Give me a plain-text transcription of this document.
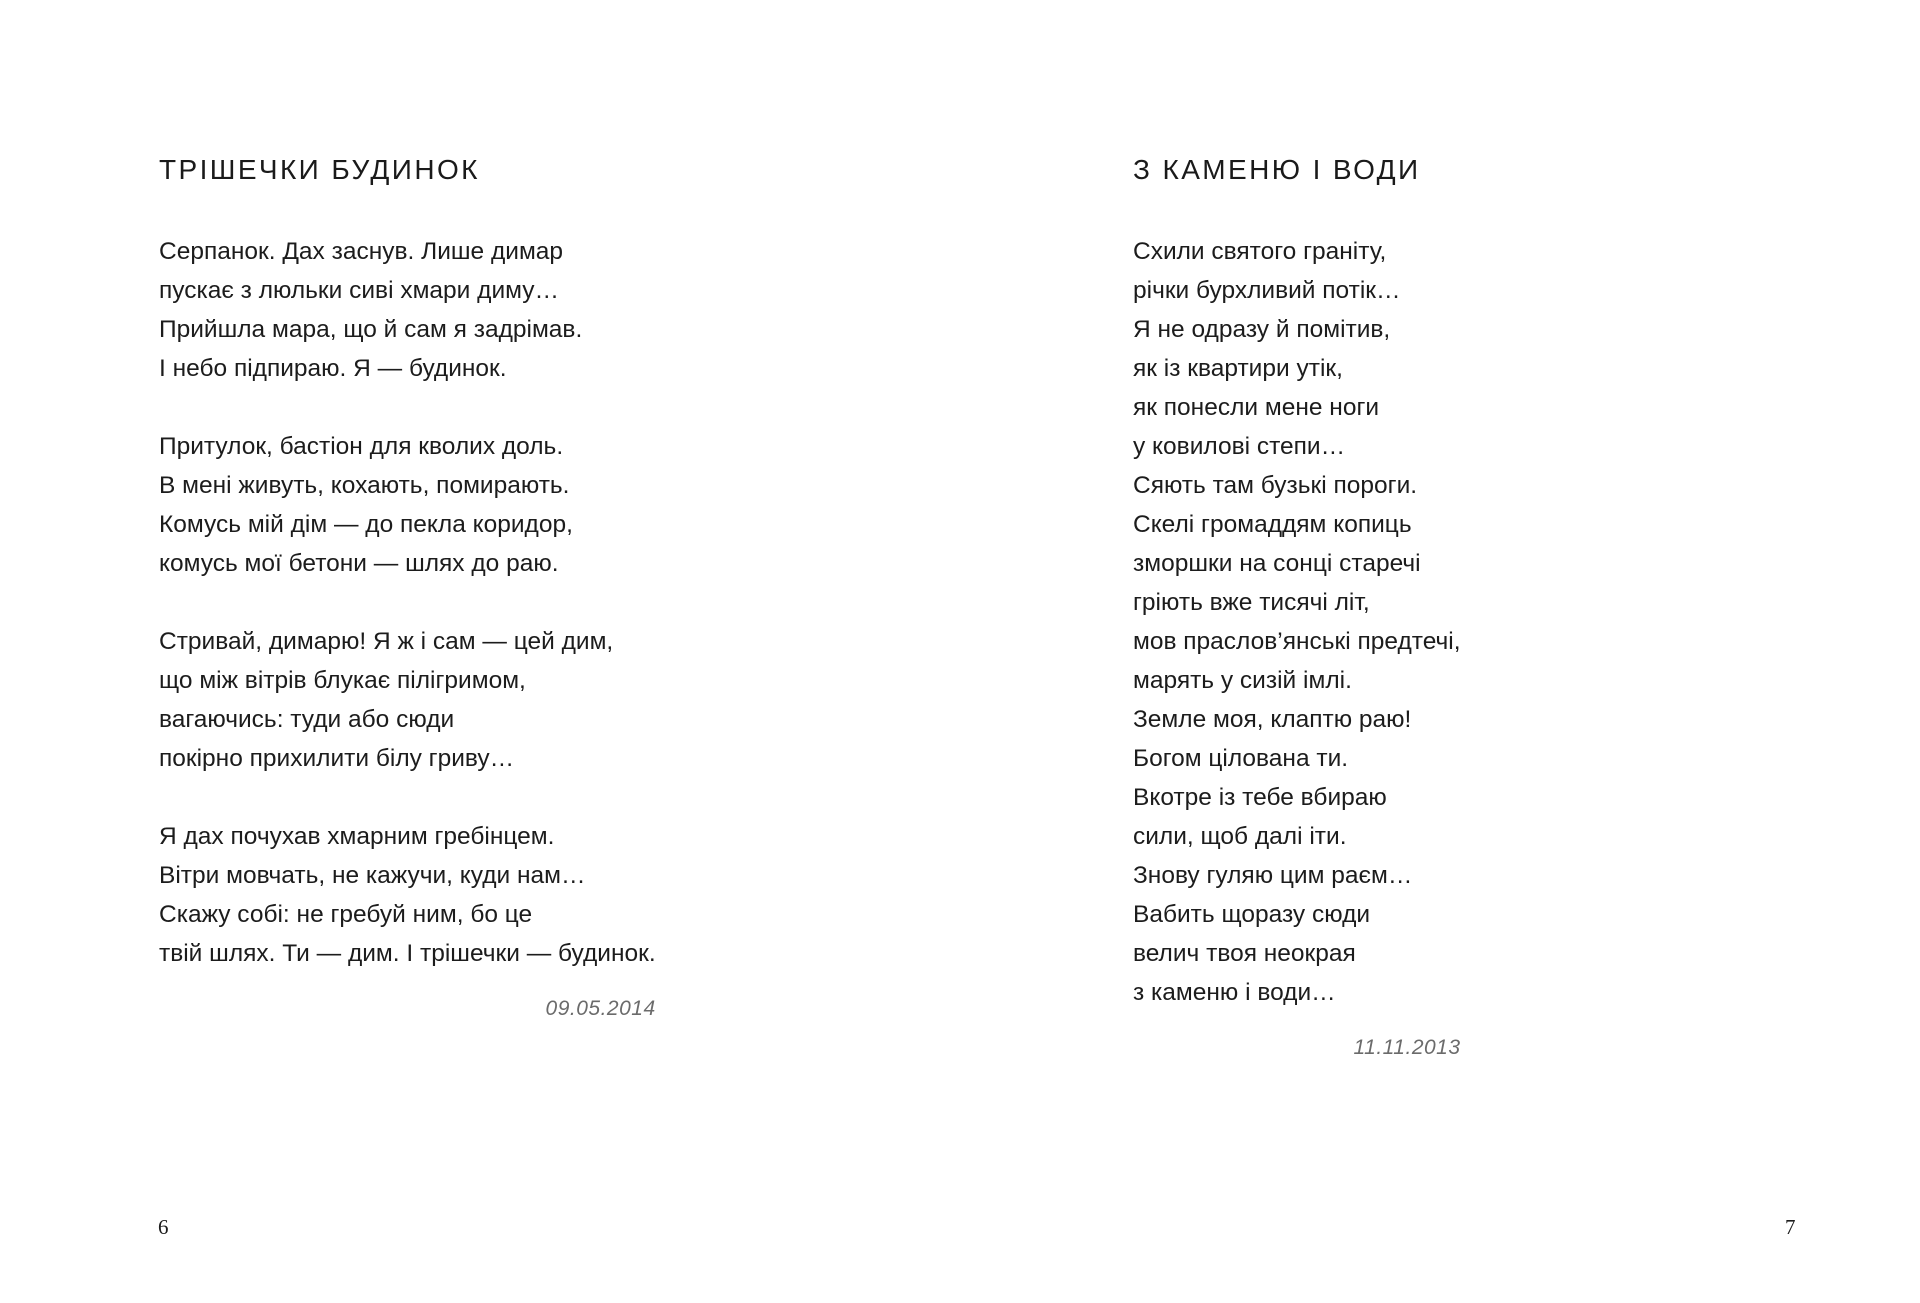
ТРІШЕЧКИ БУДИНОК
Серпанок. Дах заснув. Лише димар
пускає з люльки сиві хмари диму…
Прийшла мара, що й сам я задрімав.
І небо підпираю. Я — будинок.
Притулок, бастіон для кволих доль.
В мені живуть, кохають, помирають.
Комусь мій дім — до пекла коридор,
комусь мої бетони — шлях до раю.
Стривай, димарю! Я ж і сам — цей дим,
що між вітрів блукає пілігримом,
вагаючись: туди або сюди
покірно прихилити білу гриву…
Я дах почухав хмарним гребінцем.
Вітри мовчать, не кажучи, куди нам…
Скажу собі: не гребуй ним, бо це
твій шлях. Ти — дим. І трішечки — будинок.
09.05.2014
6
З КАМЕНЮ І ВОДИ
Схили святого граніту,
річки бурхливий потік…
Я не одразу й помітив,
як із квартири утік,
як понесли мене ноги
у ковилові степи…
Сяють там бузькі пороги.
Скелі громаддям копиць
зморшки на сонці старечі
гріють вже тисячі літ,
мов праслов’янські предтечі,
марять у сизій імлі.
Земле моя, клаптю раю!
Богом цілована ти.
Вкотре із тебе вбираю
сили, щоб далі іти.
Знову гуляю цим раєм…
Вабить щоразу сюди
велич твоя неокрая
з каменю і води…
11.11.2013
7
